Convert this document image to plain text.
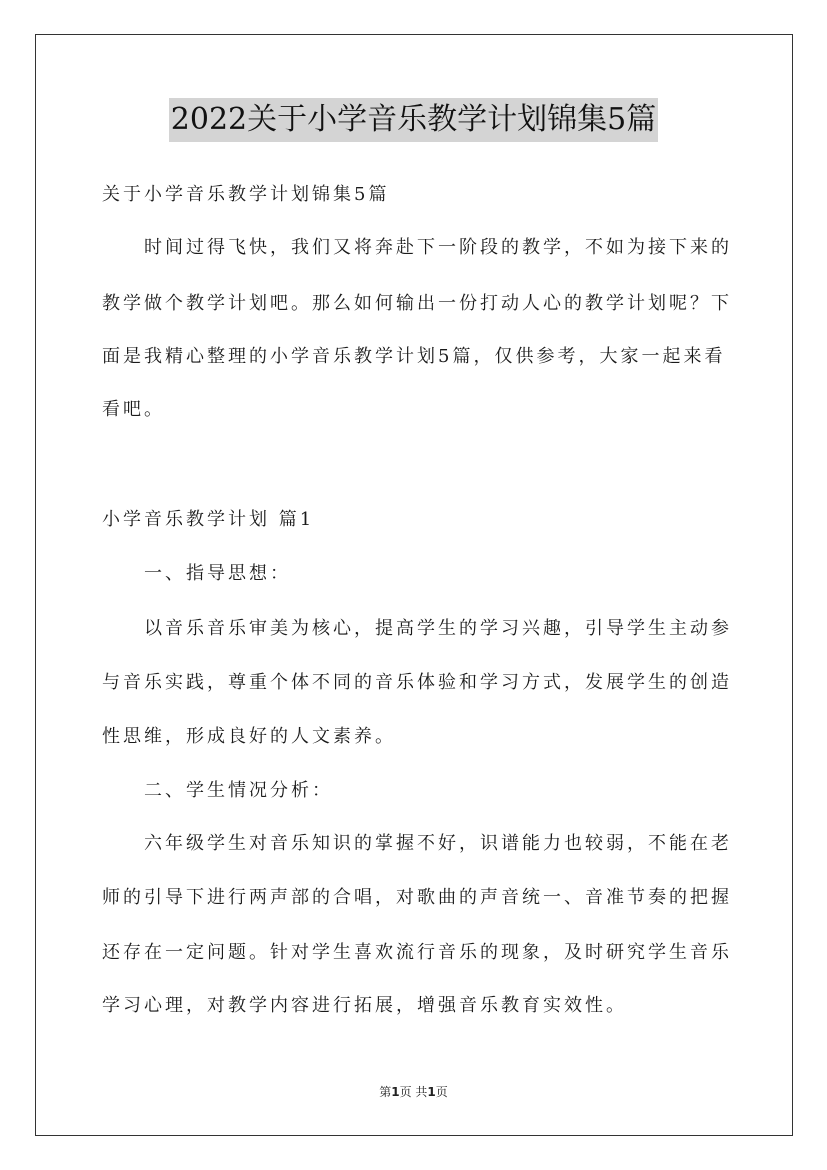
2022关于小学音乐教学计划锦集5篇
关于小学音乐教学计划锦集5篇
时间过得飞快，我们又将奔赴下一阶段的教学，不如为接下来的
教学做个教学计划吧。那么如何输出一份打动人心的教学计划呢？下
面是我精心整理的小学音乐教学计划5篇，仅供参考，大家一起来看
看吧。
小学音乐教学计划 篇1
一、指导思想：
以音乐音乐审美为核心，提高学生的学习兴趣，引导学生主动参
与音乐实践，尊重个体不同的音乐体验和学习方式，发展学生的创造
性思维，形成良好的人文素养。
二、学生情况分析：
六年级学生对音乐知识的掌握不好，识谱能力也较弱，不能在老
师的引导下进行两声部的合唱，对歌曲的声音统一、音准节奏的把握
还存在一定问题。针对学生喜欢流行音乐的现象，及时研究学生音乐
学习心理，对教学内容进行拓展，增强音乐教育实效性。
第1页 共1页
